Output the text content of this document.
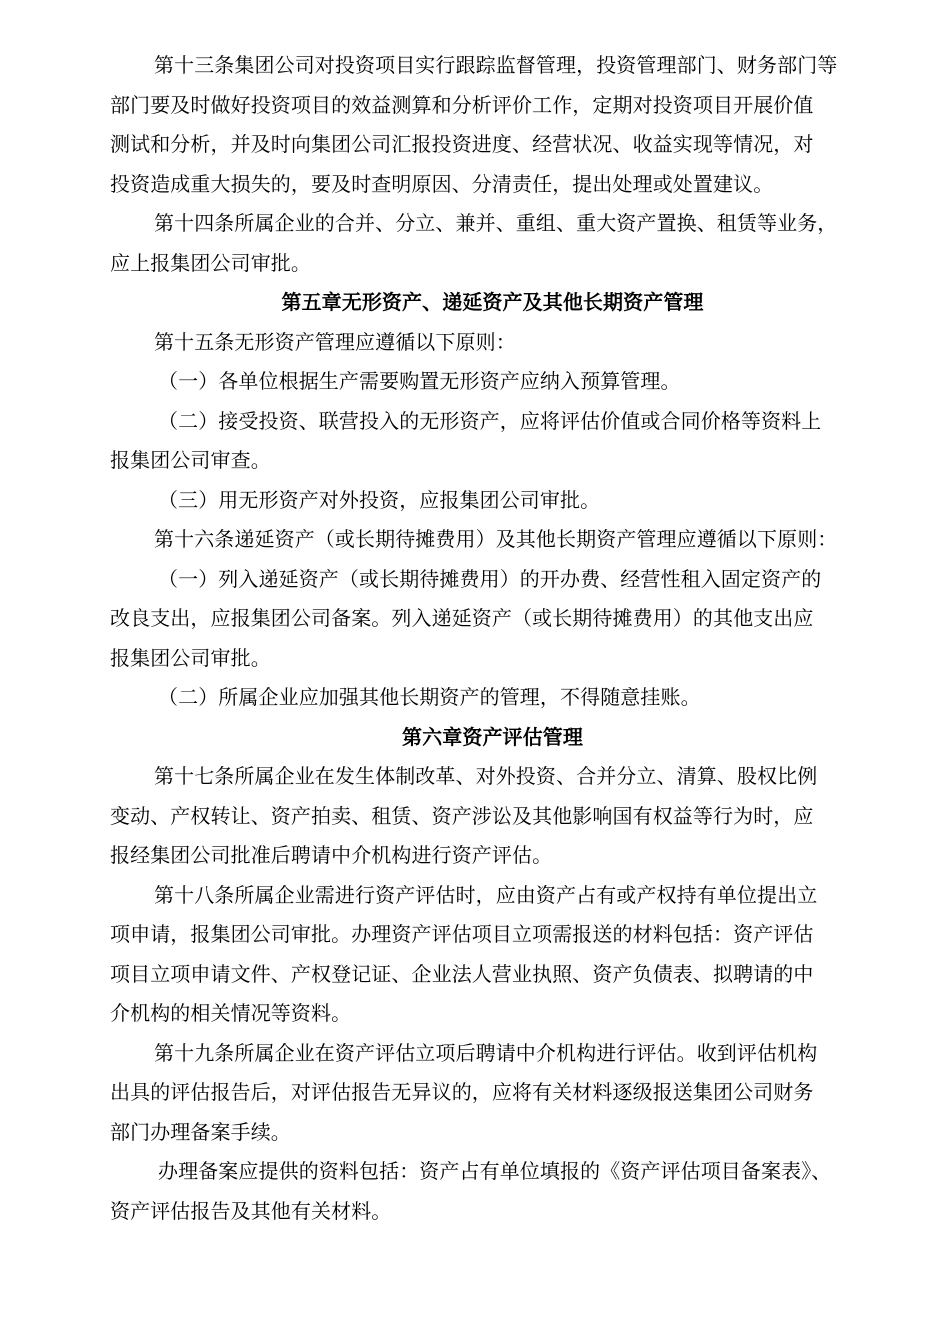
第十三条集团公司对投资项目实行跟踪监督管理，投资管理部门、财务部门等
部门要及时做好投资项目的效益测算和分析评价工作，定期对投资项目开展价值
测试和分析，并及时向集团公司汇报投资进度、经营状况、收益实现等情况，对
投资造成重大损失的，要及时查明原因、分清责任，提出处理或处置建议。
第十四条所属企业的合并、分立、兼并、重组、重大资产置换、租赁等业务，
应上报集团公司审批。
第五章无形资产、递延资产及其他长期资产管理
第十五条无形资产管理应遵循以下原则：
（一）各单位根据生产需要购置无形资产应纳入预算管理。
（二）接受投资、联营投入的无形资产，应将评估价值或合同价格等资料上
报集团公司审查。
（三）用无形资产对外投资，应报集团公司审批。
第十六条递延资产（或长期待摊费用）及其他长期资产管理应遵循以下原则：
（一）列入递延资产（或长期待摊费用）的开办费、经营性租入固定资产的
改良支出，应报集团公司备案。列入递延资产（或长期待摊费用）的其他支出应
报集团公司审批。
（二）所属企业应加强其他长期资产的管理，不得随意挂账。
第六章资产评估管理
第十七条所属企业在发生体制改革、对外投资、合并分立、清算、股权比例
变动、产权转让、资产拍卖、租赁、资产涉讼及其他影响国有权益等行为时，应
报经集团公司批准后聘请中介机构进行资产评估。
第十八条所属企业需进行资产评估时，应由资产占有或产权持有单位提出立
项申请，报集团公司审批。办理资产评估项目立项需报送的材料包括：资产评估
项目立项申请文件、产权登记证、企业法人营业执照、资产负债表、拟聘请的中
介机构的相关情况等资料。
第十九条所属企业在资产评估立项后聘请中介机构进行评估。收到评估机构
出具的评估报告后，对评估报告无异议的，应将有关材料逐级报送集团公司财务
部门办理备案手续。
办理备案应提供的资料包括：资产占有单位填报的《资产评估项目备案表》、
资产评估报告及其他有关材料。
